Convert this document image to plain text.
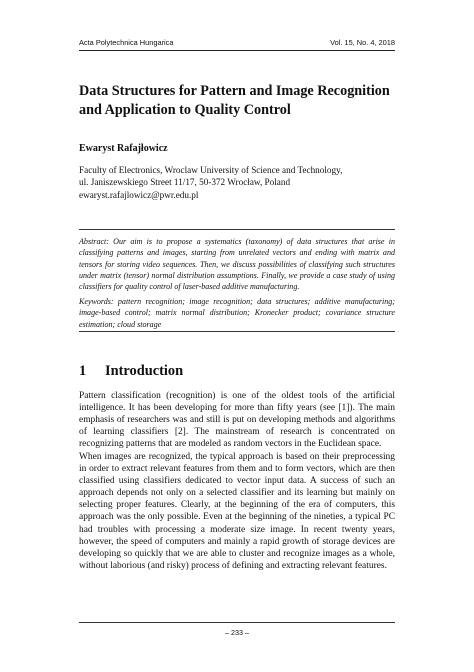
Acta Polytechnica Hungarica	Vol. 15, No. 4, 2018
Data Structures for Pattern and Image Recognition and Application to Quality Control
Ewaryst Rafajłowicz
Faculty of Electronics, Wroclaw University of Science and Technology,
ul. Janiszewskiego Street 11/17, 50-372 Wrocław, Poland
ewaryst.rafajlowicz@pwr.edu.pl

Abstract: Our aim is to propose a systematics (taxonomy) of data structures that arise in classifying patterns and images, starting from unrelated vectors and ending with matrix and tensors for storing video sequences. Then, we discuss possibilities of classifying such structures under matrix (tensor) normal distribution assumptions. Finally, we provide a case study of using classifiers for quality control of laser-based additive manufacturing.

Keywords: pattern recognition; image recognition; data structures; additive manufacturing; image-based control; matrix normal distribution; Kronecker product; covariance structure estimation; cloud storage

1	Introduction

Pattern classification (recognition) is one of the oldest tools of the artificial intelligence. It has been developing for more than fifty years (see [1]). The main emphasis of researchers was and still is put on developing methods and algorithms of learning classifiers [2]. The mainstream of research is concentrated on recognizing patterns that are modeled as random vectors in the Euclidean space.

When images are recognized, the typical approach is based on their preprocessing in order to extract relevant features from them and to form vectors, which are then classified using classifiers dedicated to vector input data. A success of such an approach depends not only on a selected classifier and its learning but mainly on selecting proper features. Clearly, at the beginning of the era of computers, this approach was the only possible. Even at the beginning of the nineties, a typical PC had troubles with processing a moderate size image. In recent twenty years, however, the speed of computers and mainly a rapid growth of storage devices are developing so quickly that we are able to cluster and recognize images as a whole, without laborious (and risky) process of defining and extracting relevant features.

– 233 –
